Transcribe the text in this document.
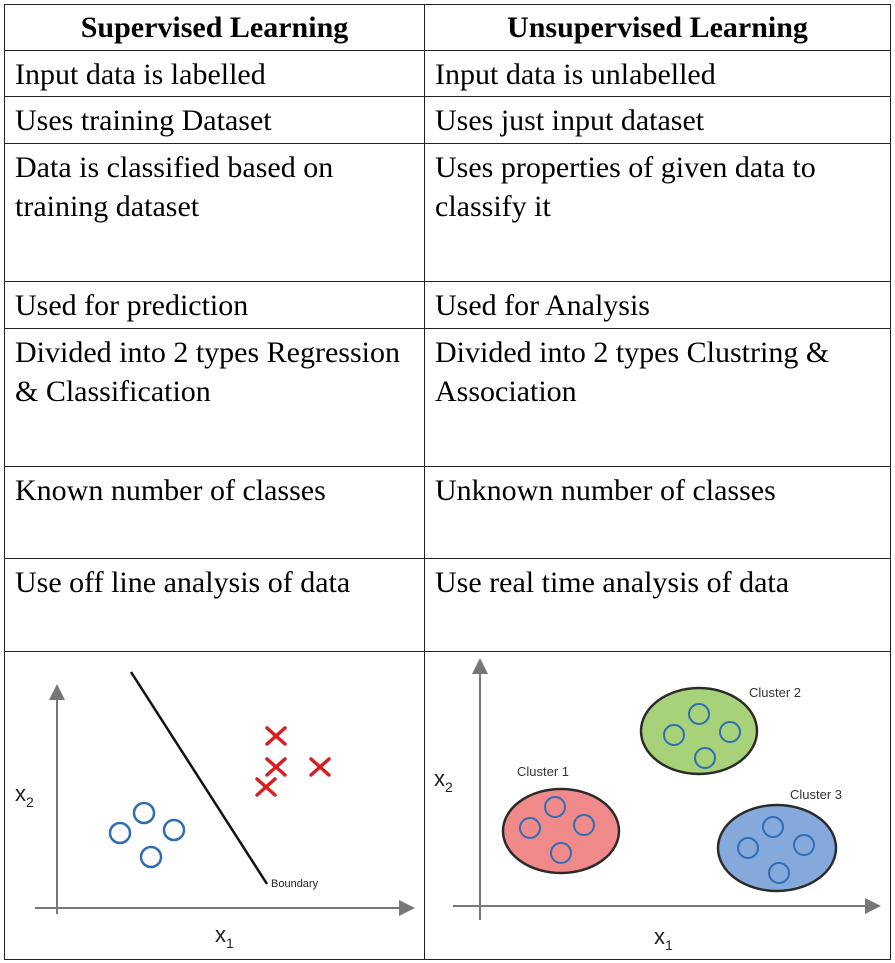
Supervised Learning	Unsupervised Learning
Input data is labelled	Input data is unlabelled
Uses training Dataset	Uses just input dataset
Data is classified based on training dataset	Uses properties of given data to classify it
Used for prediction	Used for Analysis
Divided into 2 types Regression & Classification	Divided into 2 types Clustring & Association
Known number of classes	Unknown number of classes
Use off line analysis of data	Use real time analysis of data

Boundary
$x_2$
$x_1$	Cluster 1
Cluster 2
Cluster 3
$x_2$
$x_1$
